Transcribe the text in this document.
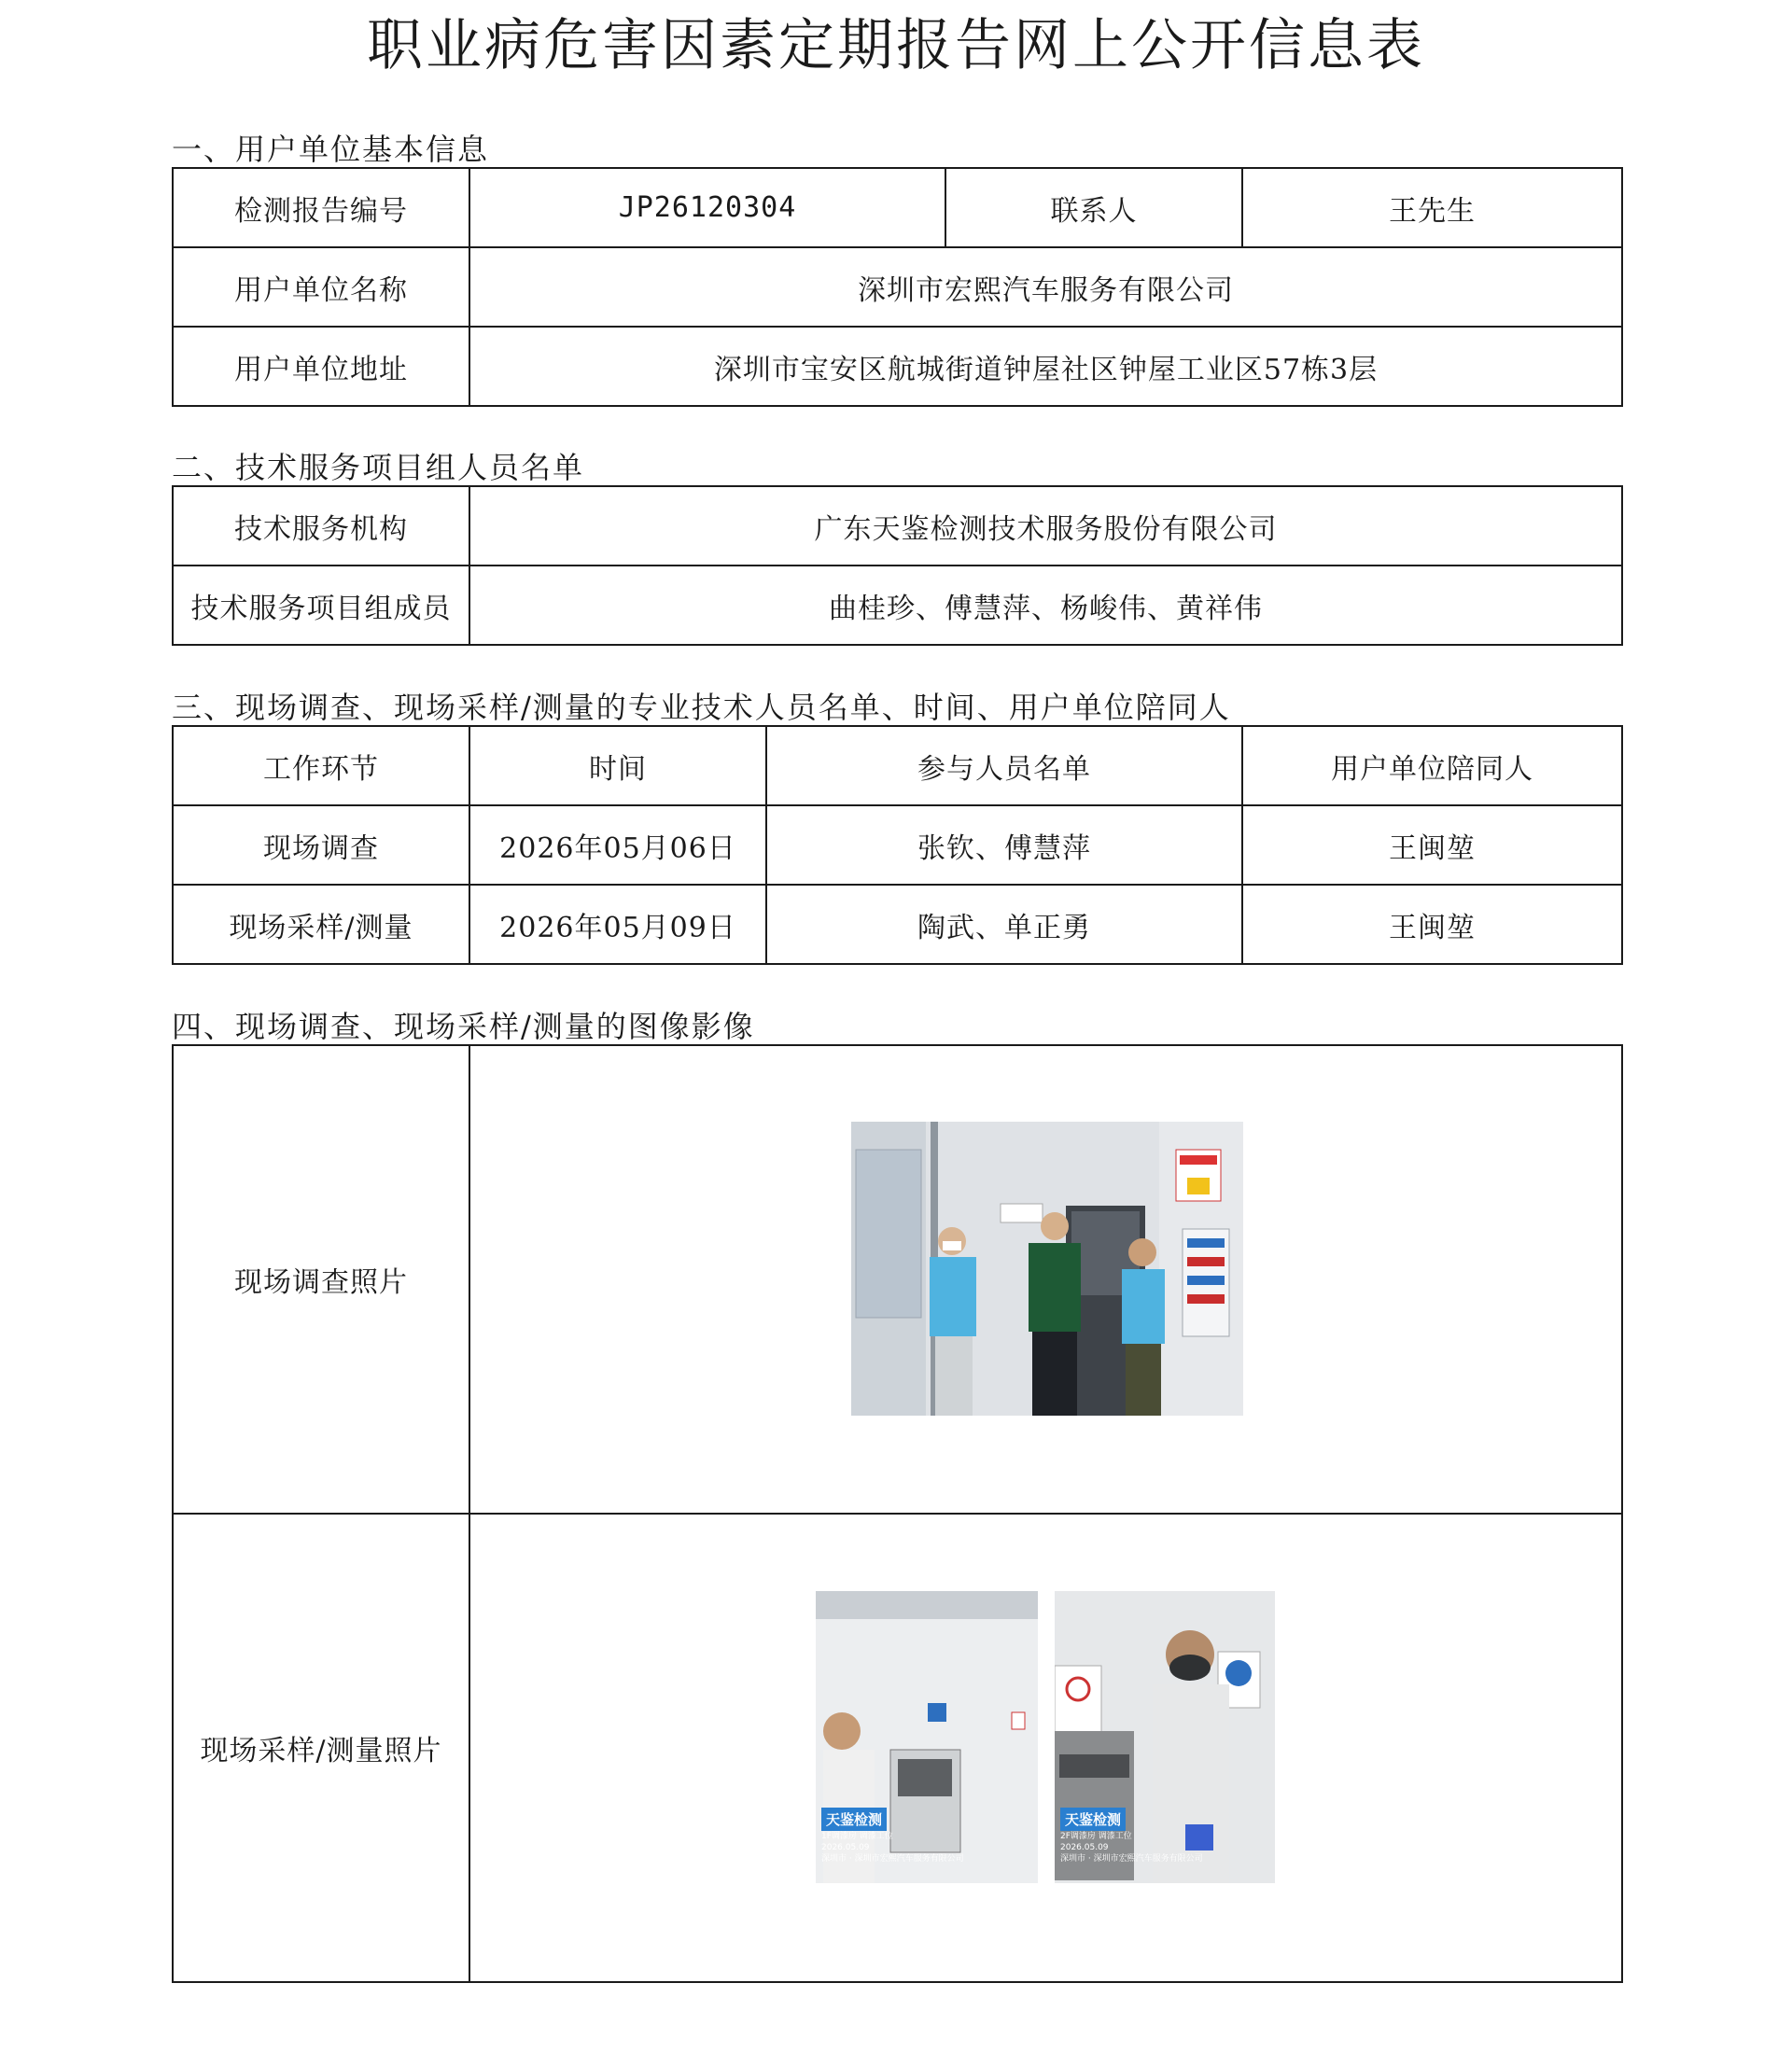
职业病危害因素定期报告网上公开信息表
一、用户单位基本信息
检测报告编号	JP26120304	联系人	王先生
用户单位名称	深圳市宏熙汽车服务有限公司		
用户单位地址	深圳市宝安区航城街道钟屋社区钟屋工业区57栋3层		
二、技术服务项目组人员名单
技术服务机构	广东天鉴检测技术服务股份有限公司
技术服务项目组成员	曲桂珍、傅慧萍、杨峻伟、黄祥伟
三、现场调查、现场采样/测量的专业技术人员名单、时间、用户单位陪同人
工作环节	时间	参与人员名单	用户单位陪同人
现场调查	2026年05月06日	张钦、傅慧萍	王闽堃
现场采样/测量	2026年05月09日	陶武、单正勇	王闽堃
四、现场调查、现场采样/测量的图像影像
现场调查照片	
现场采样/测量照片	
天鉴检测
1F调漆房 调漆工位
2026.05.09
深圳市 · 深圳市宏熙汽车服务有限公司
天鉴检测
2F调漆房 调漆工位
2026.05.09
深圳市 · 深圳市宏熙汽车服务有限公司
